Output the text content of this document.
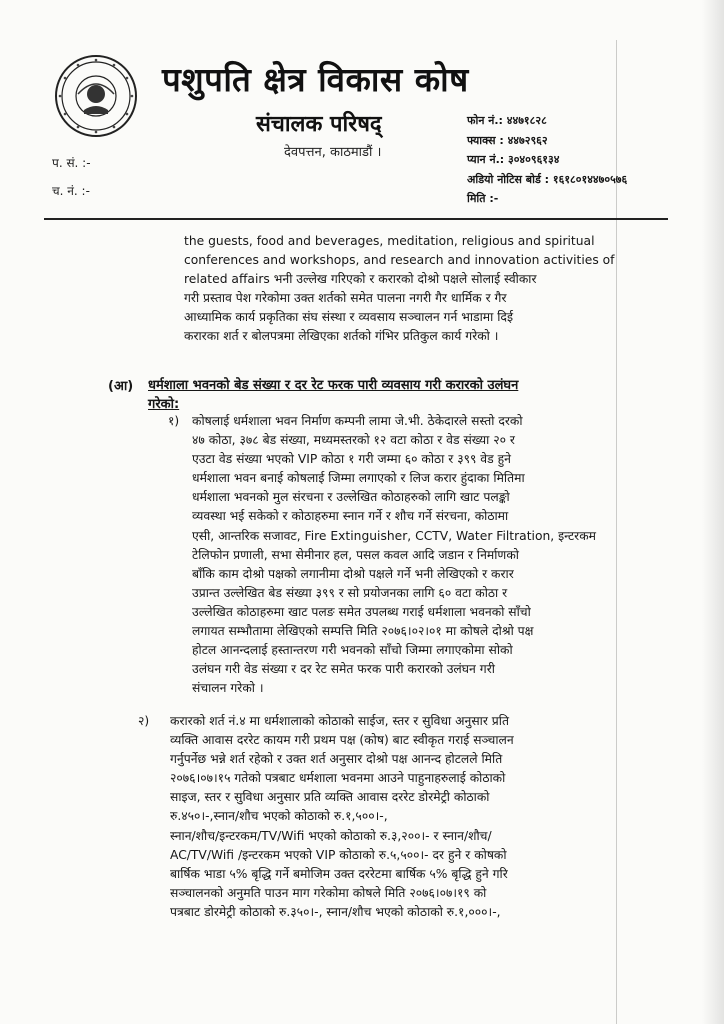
पशुपति क्षेत्र विकास कोष
संचालक परिषद्
देवपत्तन, काठमाडौं ।
फोन नं.: ४४७१८२८
फ्याक्स : ४४७२९६२
प्यान नं.: ३०४०९६१३४
अडियो नोटिस बोर्ड : १६१८०१४४७०५७६
मिति :-
प. सं. :-
च. नं. :-
the guests, food and beverages, meditation, religious and spiritual
conferences and workshops, and research and innovation activities of
related affairs भनी उल्लेख गरिएको र करारको दोश्रो पक्षले सोलाई स्वीकार
गरी प्रस्ताव पेश गरेकोमा उक्त शर्तको समेत पालना नगरी गैर धार्मिक र गैर
आध्यामिक कार्य प्रकृतिका संघ संस्था र व्यवसाय सञ्चालन गर्न भाडामा दिई
करारका शर्त र बोलपत्रमा लेखिएका शर्तको गंभिर प्रतिकुल कार्य गरेको ।
(आ) धर्मशाला भवनको बेड संख्या र दर रेट फरक पारी व्यवसाय गरी करारको उलंघन
गरेको:
१) कोषलाई धर्मशाला भवन निर्माण कम्पनी लामा जे.भी. ठेकेदारले सस्तो दरको
४७ कोठा, ३७८ बेड संख्या, मध्यमस्तरको १२ वटा कोठा र वेड संख्या २० र
एउटा वेड संख्या भएको VIP कोठा १ गरी जम्मा ६० कोठा र ३९९ वेड हुने
धर्मशाला भवन बनाई कोषलाई जिम्मा लगाएको र लिज करार हुंदाका मितिमा
धर्मशाला भवनको मुल संरचना र उल्लेखित कोठाहरुको लागि खाट पलङ्को
व्यवस्था भई सकेको र कोठाहरुमा स्नान गर्ने र शौच गर्ने संरचना, कोठामा
एसी, आन्तरिक सजावट, Fire Extinguisher, CCTV, Water Filtration, इन्टरकम
टेलिफोन प्रणाली, सभा सेमीनार हल, पसल कवल आदि जडान र निर्माणको
बाँकि काम दोश्रो पक्षको लगानीमा दोश्रो पक्षले गर्ने भनी लेखिएको र करार
उप्रान्त उल्लेखित बेड संख्या ३९९ र सो प्रयोजनका लागि ६० वटा कोठा र
उल्लेखित कोठाहरुमा खाट पलङ समेत उपलब्ध गराई धर्मशाला भवनको साँचो
लगायत सम्भौतामा लेखिएको सम्पत्ति मिति २०७६।०२।०१ मा कोषले दोश्रो पक्ष
होटल आनन्दलाई हस्तान्तरण गरी भवनको साँचो जिम्मा लगाएकोमा सोको
उलंघन गरी वेड संख्या र दर रेट समेत फरक पारी करारको उलंघन गरी
संचालन गरेको ।
२) करारको शर्त नं.४ मा धर्मशालाको कोठाको साईज, स्तर र सुविधा अनुसार प्रति
व्यक्ति आवास दररेट कायम गरी प्रथम पक्ष (कोष) बाट स्वीकृत गराई सञ्चालन
गर्नुपर्नेछ भन्ने शर्त रहेको र उक्त शर्त अनुसार दोश्रो पक्ष आनन्द होटलले मिति
२०७६।०७।१५ गतेको पत्रबाट धर्मशाला भवनमा आउने पाहुनाहरुलाई कोठाको
साइज, स्तर र सुविधा अनुसार प्रति व्यक्ति आवास दररेट डोरमेट्री कोठाको
रु.४५०।-,स्नान/शौच भएको कोठाको रु.१,५००।-,
स्नान/शौच/इन्टरकम/TV/Wifi भएको कोठाको रु.३,२००।- र स्नान/शौच/
AC/TV/Wifi /इन्टरकम भएको VIP कोठाको रु.५,५००।- दर हुने र कोषको
बार्षिक भाडा ५% बृद्धि गर्ने बमोजिम उक्त दररेटमा बार्षिक ५% बृद्धि हुने गरि
सञ्चालनको अनुमति पाउन माग गरेकोमा कोषले मिति २०७६।०७।१९ को
पत्रबाट डोरमेट्री कोठाको रु.३५०।-, स्नान/शौच भएको कोठाको रु.१,०००।-,
